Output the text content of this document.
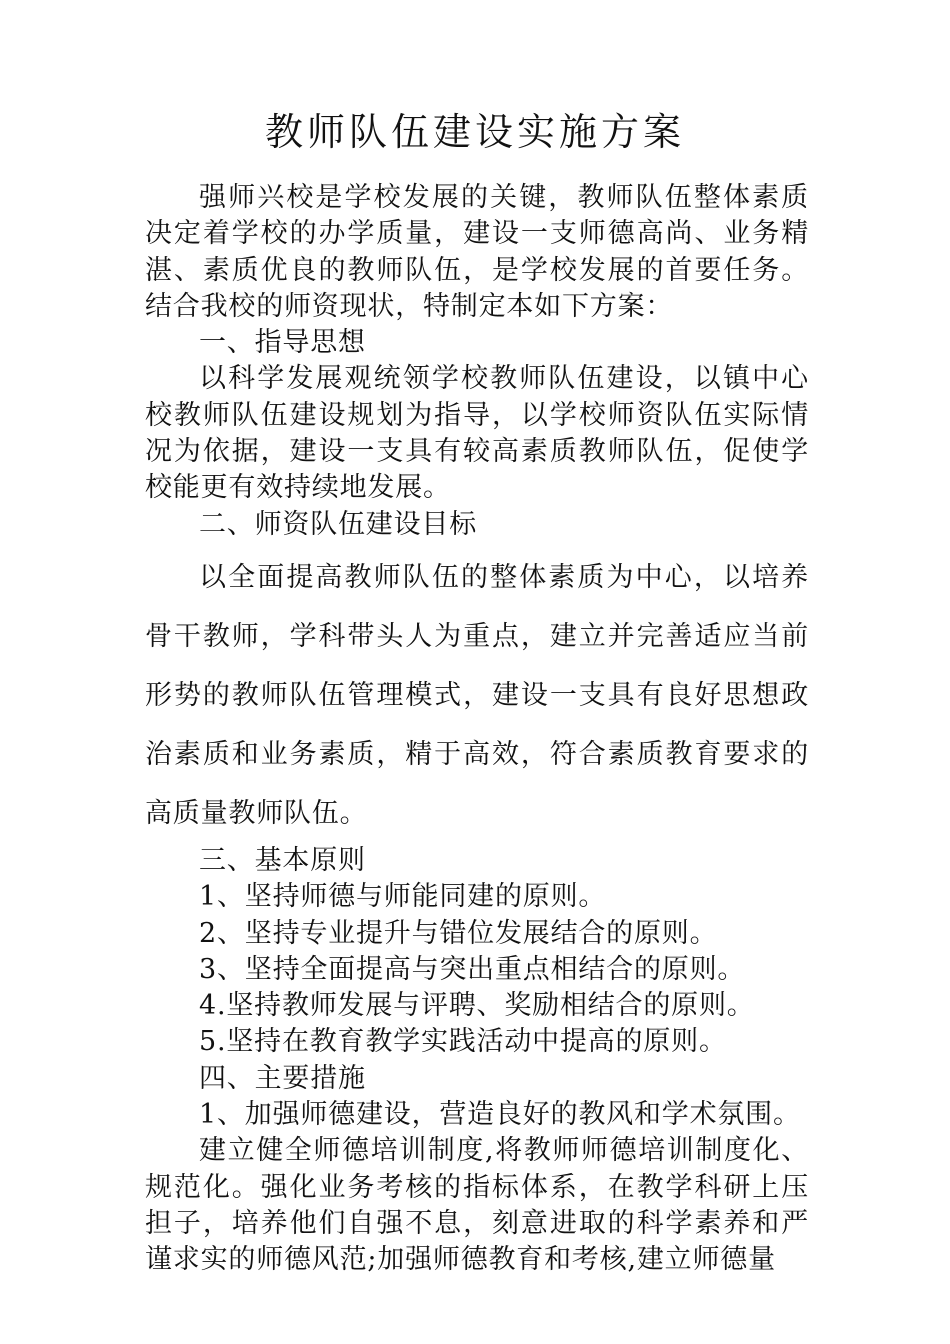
教师队伍建设实施方案

强师兴校是学校发展的关键，教师队伍整体素质决定着学校的办学质量，建设一支师德高尚、业务精湛、素质优良的教师队伍，是学校发展的首要任务。结合我校的师资现状，特制定本如下方案：

一、指导思想

以科学发展观统领学校教师队伍建设，以镇中心校教师队伍建设规划为指导，以学校师资队伍实际情况为依据，建设一支具有较高素质教师队伍，促使学校能更有效持续地发展。

二、师资队伍建设目标

以全面提高教师队伍的整体素质为中心，以培养骨干教师，学科带头人为重点，建立并完善适应当前形势的教师队伍管理模式，建设一支具有良好思想政治素质和业务素质，精于高效，符合素质教育要求的高质量教师队伍。

三、基本原则

1、坚持师德与师能同建的原则。

2、坚持专业提升与错位发展结合的原则。

3、坚持全面提高与突出重点相结合的原则。

4.坚持教师发展与评聘、奖励相结合的原则。

5.坚持在教育教学实践活动中提高的原则。

四、主要措施

1、加强师德建设，营造良好的教风和学术氛围。

建立健全师德培训制度,将教师师德培训制度化、规范化。强化业务考核的指标体系，在教学科研上压担子，培养他们自强不息，刻意进取的科学素养和严谨求实的师德风范;加强师德教育和考核,建立师德量
